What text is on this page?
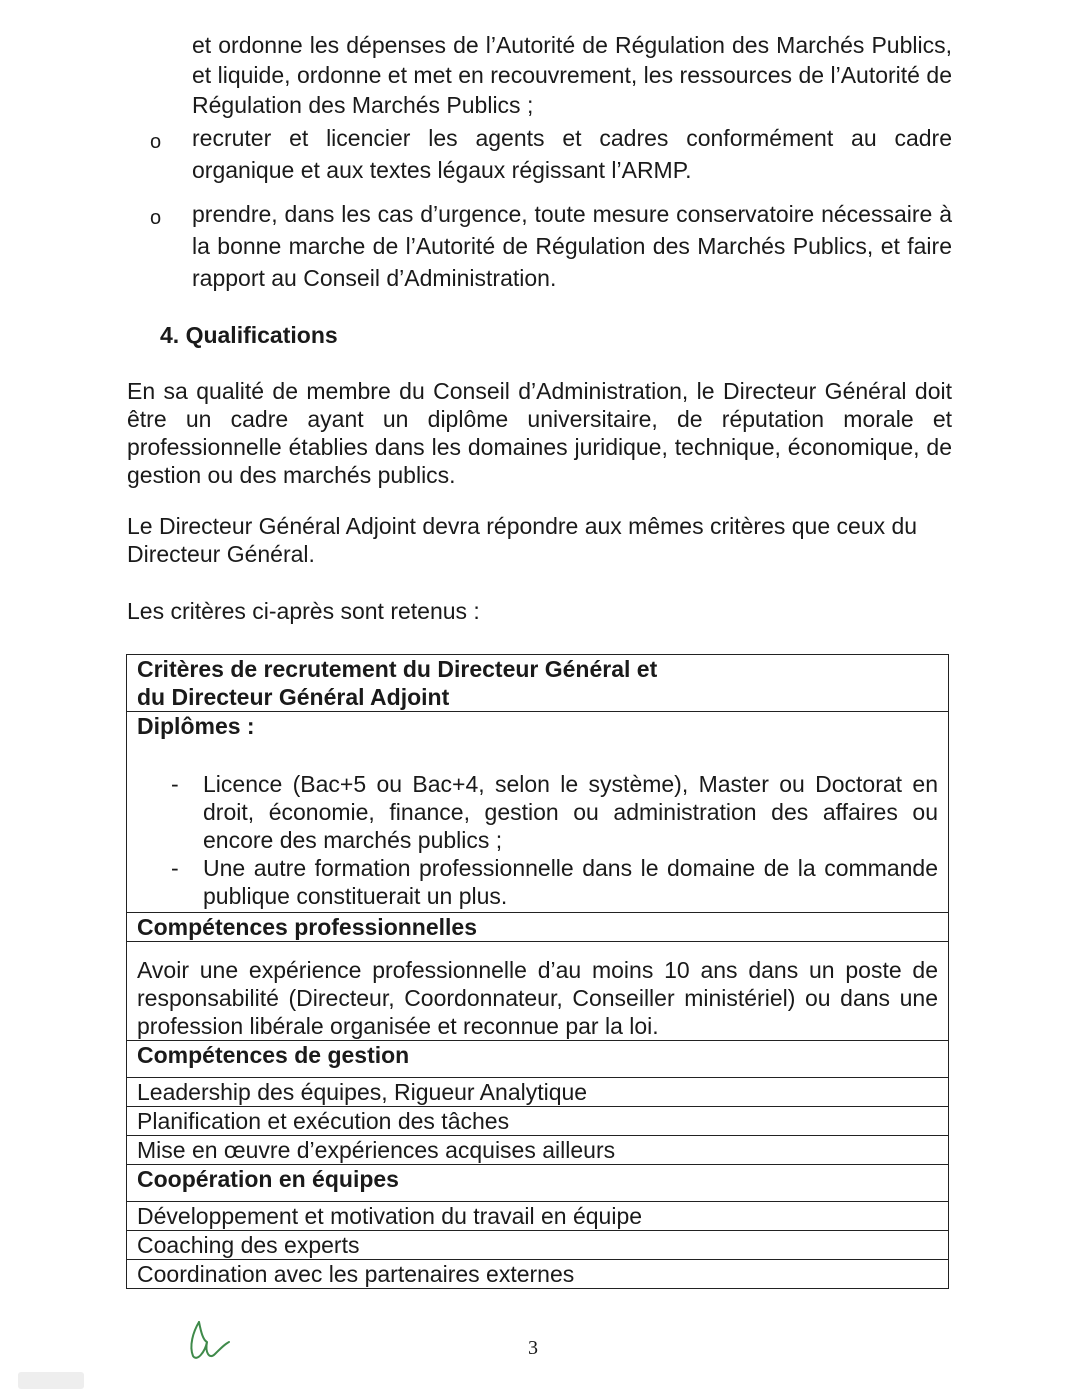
et ordonne les dépenses de l’Autorité de Régulation des Marchés Publics, et liquide, ordonne et met en recouvrement, les ressources de l’Autorité de Régulation des Marchés Publics ;
o recruter et licencier les agents et cadres conformément au cadre organique et aux textes légaux régissant l’ARMP.
o prendre, dans les cas d’urgence, toute mesure conservatoire nécessaire à la bonne marche de l’Autorité de Régulation des Marchés Publics, et faire rapport au Conseil d’Administration.
4. Qualifications
En sa qualité de membre du Conseil d’Administration, le Directeur Général doit être un cadre ayant un diplôme universitaire, de réputation morale et professionnelle établies dans les domaines juridique, technique, économique, de gestion ou des marchés publics.
Le Directeur Général Adjoint devra répondre aux mêmes critères que ceux du Directeur Général.
Les critères ci-après sont retenus :
Critères de recrutement du Directeur Général et
du Directeur Général Adjoint

Diplômes :
- Licence (Bac+5 ou Bac+4, selon le système), Master ou Doctorat en droit, économie, finance, gestion ou administration des affaires ou encore des marchés publics ;
- Une autre formation professionnelle dans le domaine de la commande publique constituerait un plus.

Compétences professionnelles
Avoir une expérience professionnelle d’au moins 10 ans dans un poste de responsabilité (Directeur, Coordonnateur, Conseiller ministériel) ou dans une profession libérale organisée et reconnue par la loi.
Compétences de gestion
Leadership des équipes, Rigueur Analytique
Planification et exécution des tâches
Mise en œuvre d’expériences acquises ailleurs
Coopération en équipes
Développement et motivation du travail en équipe
Coaching des experts
Coordination avec les partenaires externes
3
